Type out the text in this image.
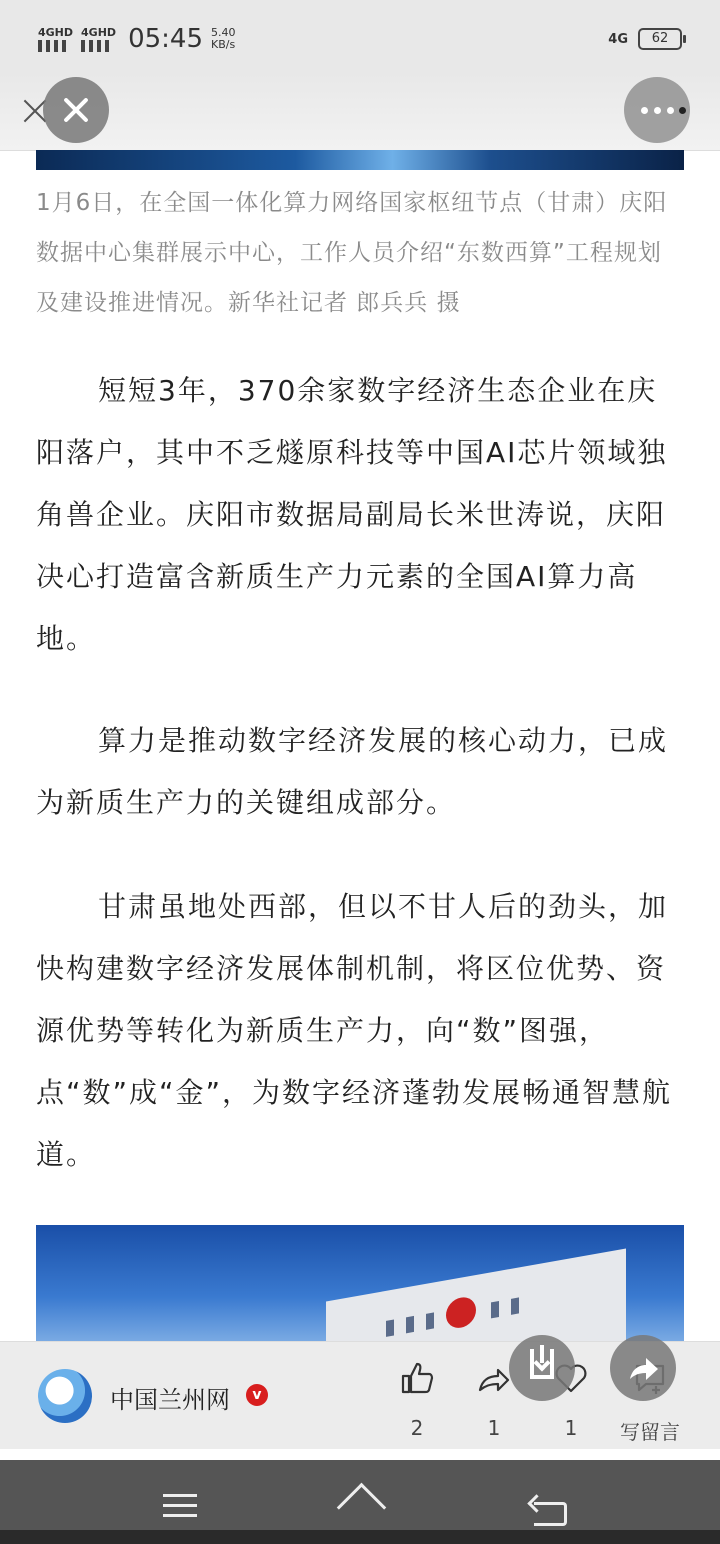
4GHD 4GHD 05:45 5.40
KB/s	4G	62
1月6日，在全国一体化算力网络国家枢纽节点（甘肃）庆阳数据中心集群展示中心，工作人员介绍“东数西算”工程规划及建设推进情况。新华社记者 郎兵兵 摄
短短3年，370余家数字经济生态企业在庆阳落户，其中不乏燧原科技等中国AI芯片领域独角兽企业。庆阳市数据局副局长米世涛说，庆阳决心打造富含新质生产力元素的全国AI算力高地。
算力是推动数字经济发展的核心动力，已成为新质生产力的关键组成部分。
甘肃虽地处西部，但以不甘人后的劲头，加快构建数字经济发展体制机制，将区位优势、资源优势等转化为新质生产力，向“数”图强，点“数”成“金”，为数字经济蓬勃发展畅通智慧航道。
中国兰州网	v
2	1	1	写留言
